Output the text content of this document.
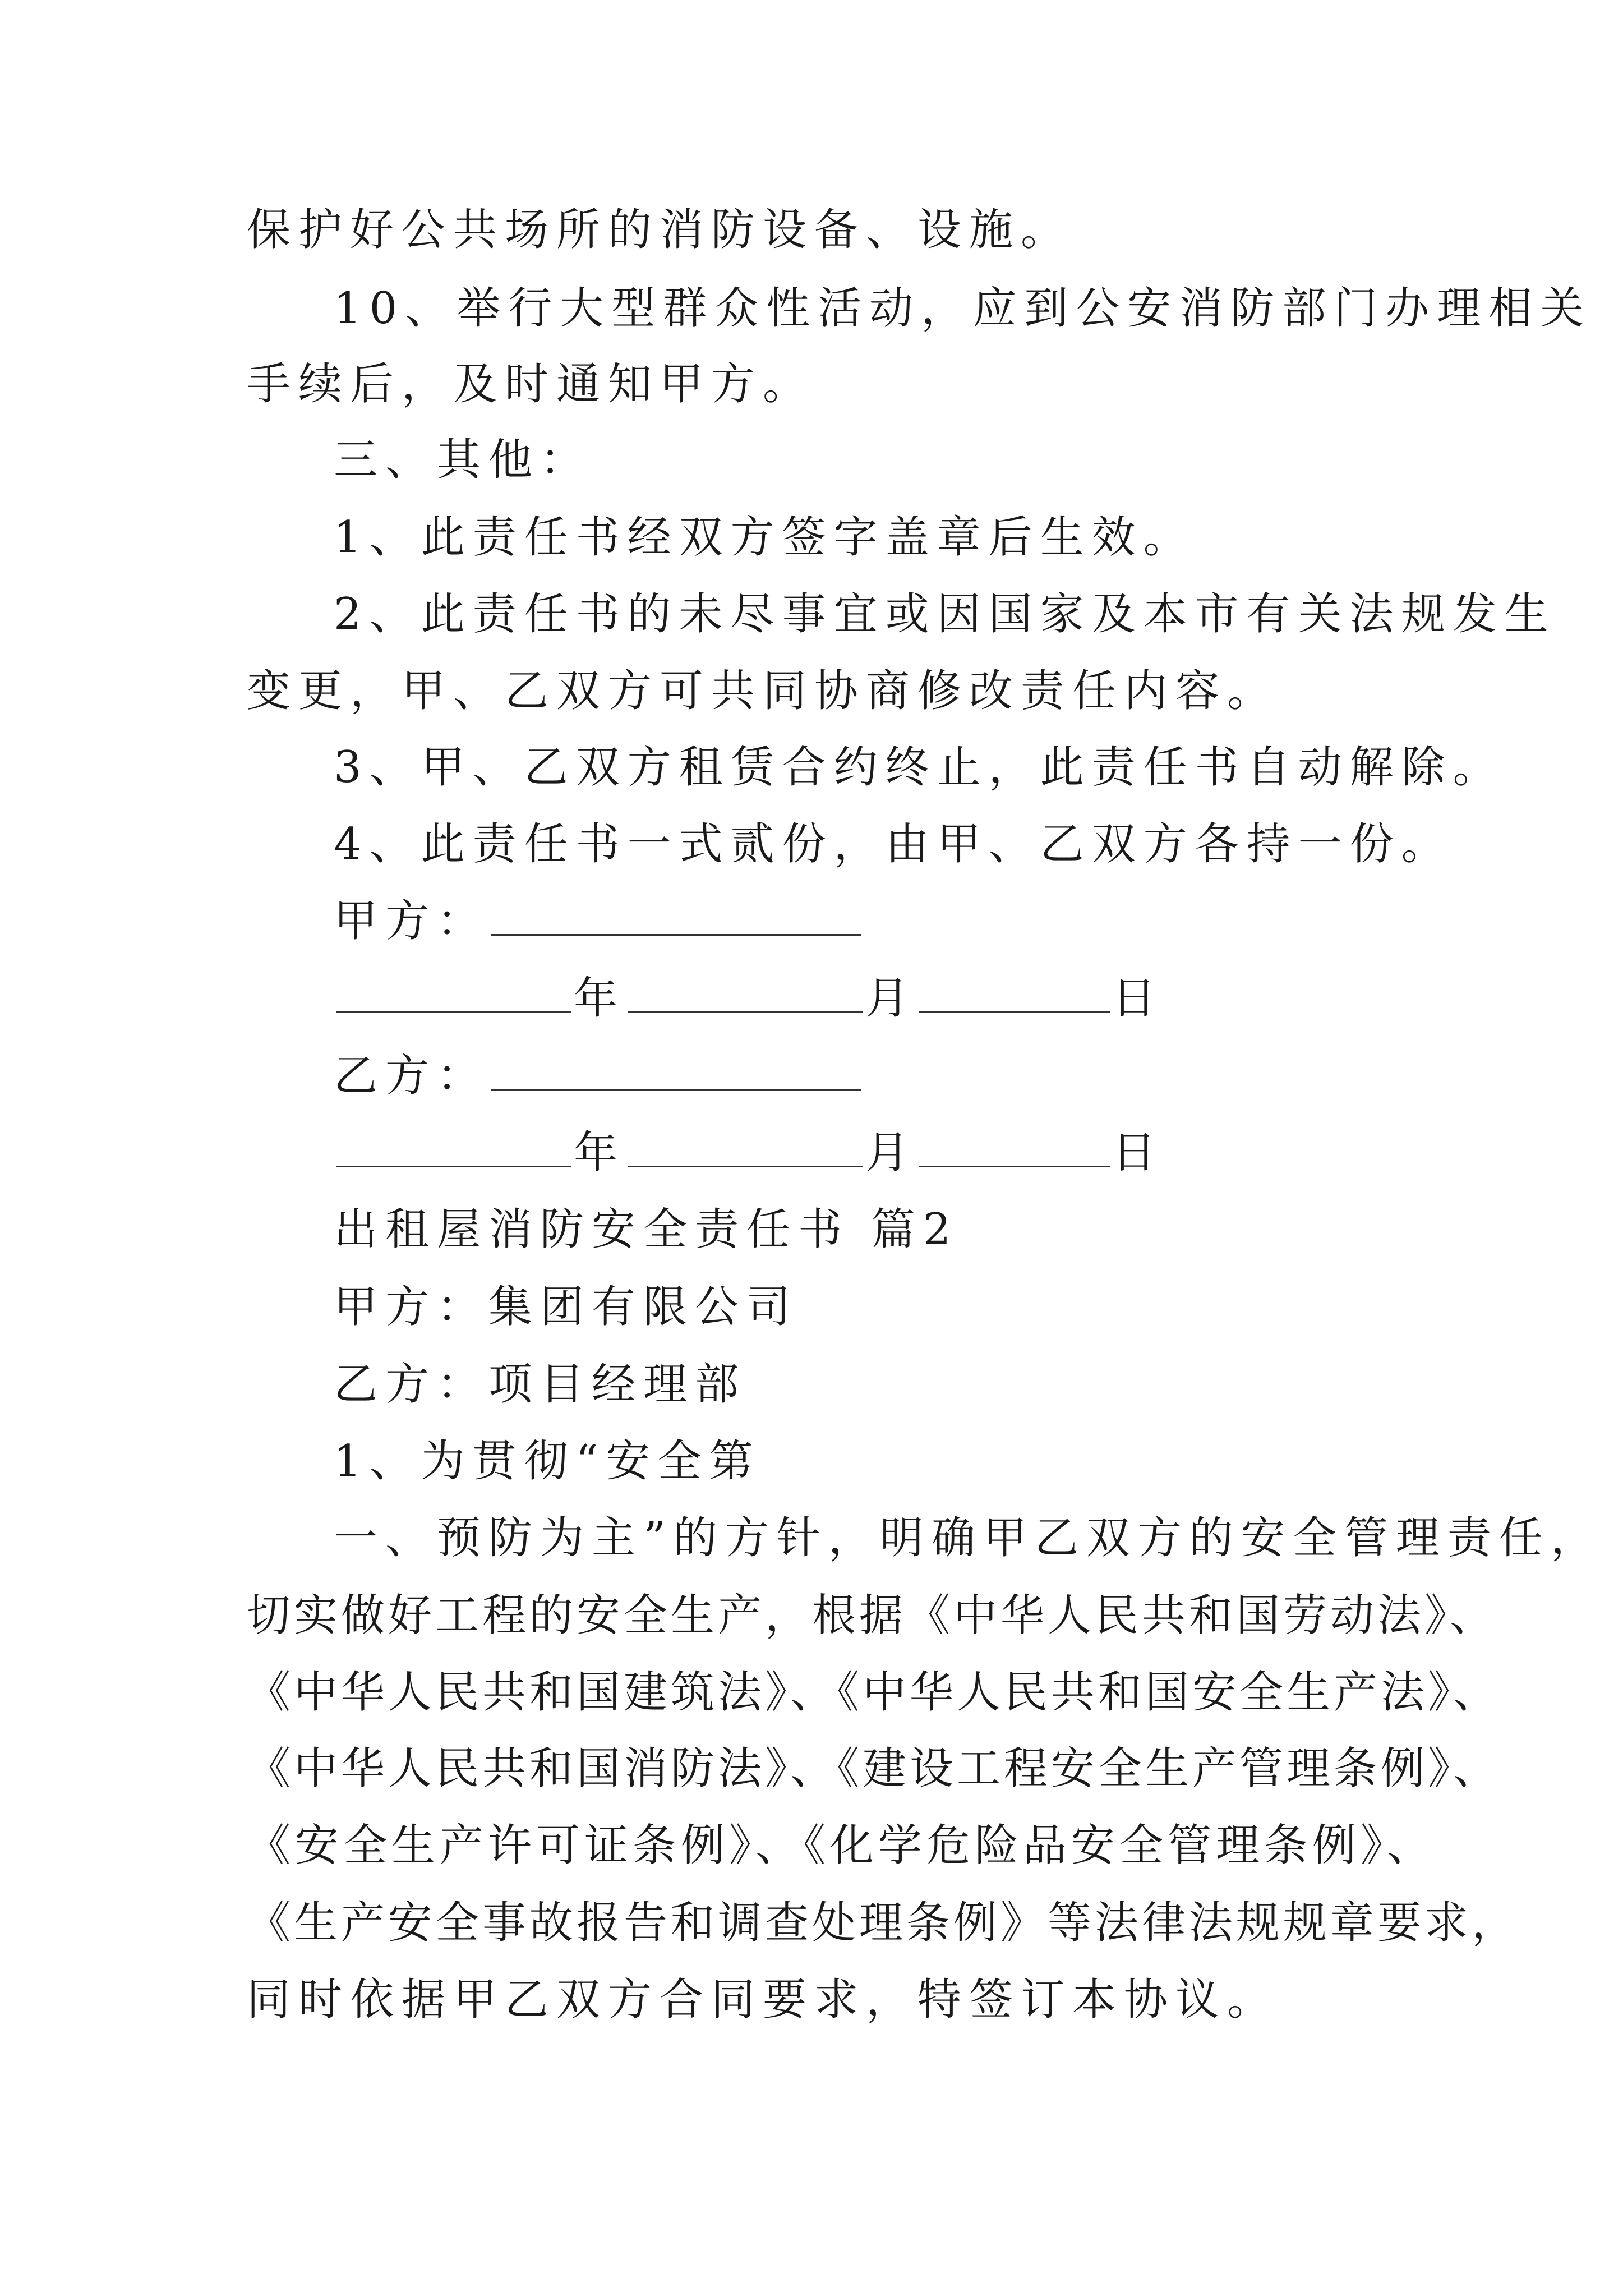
保护好公共场所的消防设备、设施。
10、举行大型群众性活动，应到公安消防部门办理相关
手续后，及时通知甲方。
三、其他：
1、此责任书经双方签字盖章后生效。
2、此责任书的未尽事宜或因国家及本市有关法规发生
变更，甲、乙双方可共同协商修改责任内容。
3、甲、乙双方租赁合约终止，此责任书自动解除。
4、此责任书一式贰份，由甲、乙双方各持一份。
甲方：
年	月	日
乙方：
年	月	日
出租屋消防安全责任书 篇2
甲方：集团有限公司
乙方：项目经理部
1、为贯彻“安全第
一、预防为主”的方针，明确甲乙双方的安全管理责任，
切实做好工程的安全生产，根据《中华人民共和国劳动法》、
《中华人民共和国建筑法》、《中华人民共和国安全生产法》、
《中华人民共和国消防法》、《建设工程安全生产管理条例》、
《安全生产许可证条例》、《化学危险品安全管理条例》、
《生产安全事故报告和调查处理条例》等法律法规规章要求，
同时依据甲乙双方合同要求，特签订本协议。
